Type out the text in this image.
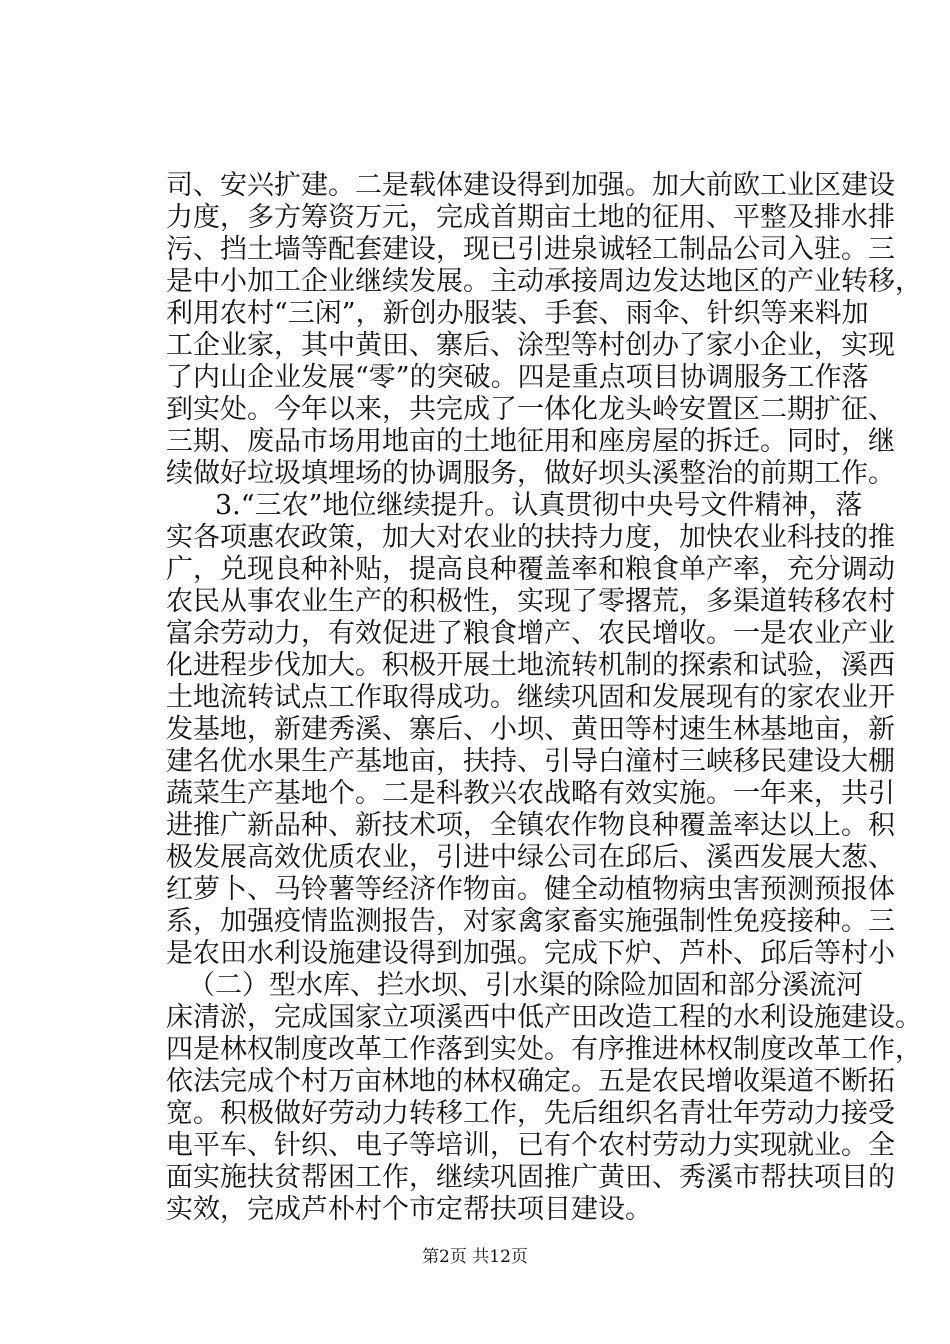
司、安兴扩建。二是载体建设得到加强。加大前欧工业区建设
力度，多方筹资万元，完成首期亩土地的征用、平整及排水排
污、挡土墙等配套建设，现已引进泉诚轻工制品公司入驻。三
是中小加工企业继续发展。主动承接周边发达地区的产业转移，
利用农村“三闲”，新创办服装、手套、雨伞、针织等来料加
工企业家，其中黄田、寨后、涂型等村创办了家小企业，实现
了内山企业发展“零”的突破。四是重点项目协调服务工作落
到实处。今年以来，共完成了一体化龙头岭安置区二期扩征、
三期、废品市场用地亩的土地征用和座房屋的拆迁。同时，继
续做好垃圾填埋场的协调服务，做好坝头溪整治的前期工作。
　3.“三农”地位继续提升。认真贯彻中央号文件精神，落
实各项惠农政策，加大对农业的扶持力度，加快农业科技的推
广，兑现良种补贴，提高良种覆盖率和粮食单产率，充分调动
农民从事农业生产的积极性，实现了零撂荒，多渠道转移农村
富余劳动力，有效促进了粮食增产、农民增收。一是农业产业
化进程步伐加大。积极开展土地流转机制的探索和试验，溪西
土地流转试点工作取得成功。继续巩固和发展现有的家农业开
发基地，新建秀溪、寨后、小坝、黄田等村速生林基地亩，新
建名优水果生产基地亩，扶持、引导白潼村三峡移民建设大棚
蔬菜生产基地个。二是科教兴农战略有效实施。一年来，共引
进推广新品种、新技术项，全镇农作物良种覆盖率达以上。积
极发展高效优质农业，引进中绿公司在邱后、溪西发展大葱、
红萝卜、马铃薯等经济作物亩。健全动植物病虫害预测预报体
系，加强疫情监测报告，对家禽家畜实施强制性免疫接种。三
是农田水利设施建设得到加强。完成下炉、芦朴、邱后等村小
（二）型水库、拦水坝、引水渠的除险加固和部分溪流河
床清淤，完成国家立项溪西中低产田改造工程的水利设施建设。
四是林权制度改革工作落到实处。有序推进林权制度改革工作，
依法完成个村万亩林地的林权确定。五是农民增收渠道不断拓
宽。积极做好劳动力转移工作，先后组织名青壮年劳动力接受
电平车、针织、电子等培训，已有个农村劳动力实现就业。全
面实施扶贫帮困工作，继续巩固推广黄田、秀溪市帮扶项目的
实效，完成芦朴村个市定帮扶项目建设。
第2页 共12页
